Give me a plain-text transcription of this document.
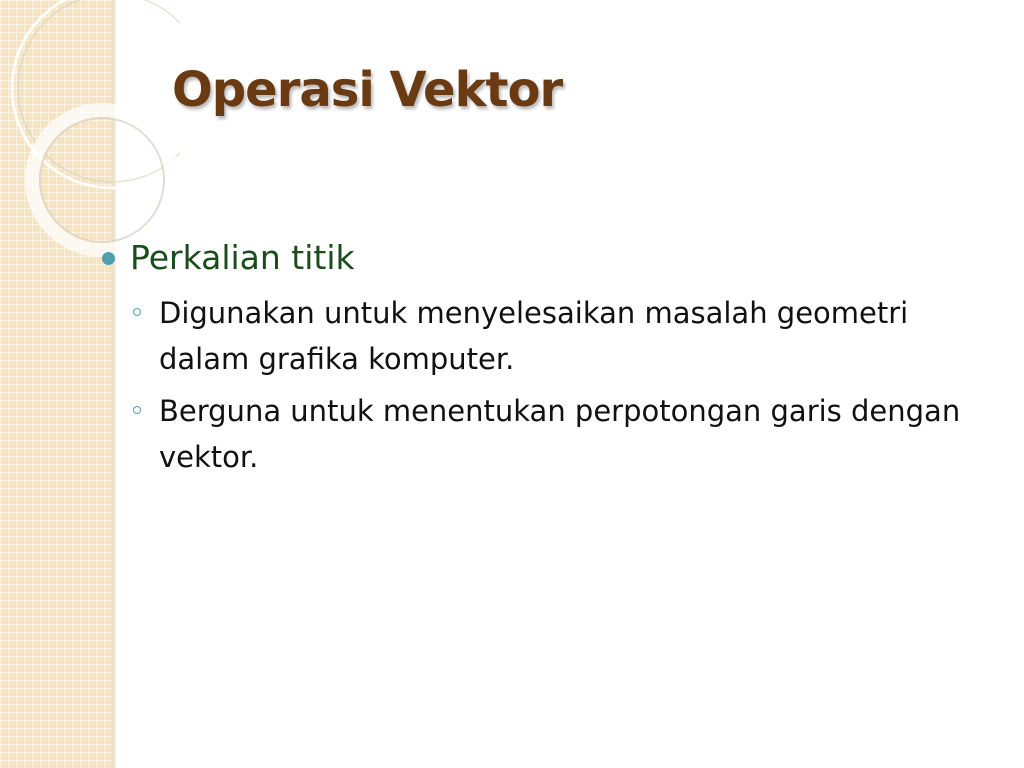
Operasi Vektor
Perkalian titik
Digunakan untuk menyelesaikan masalah geometri dalam grafika komputer.
Berguna untuk menentukan perpotongan garis dengan vektor.
